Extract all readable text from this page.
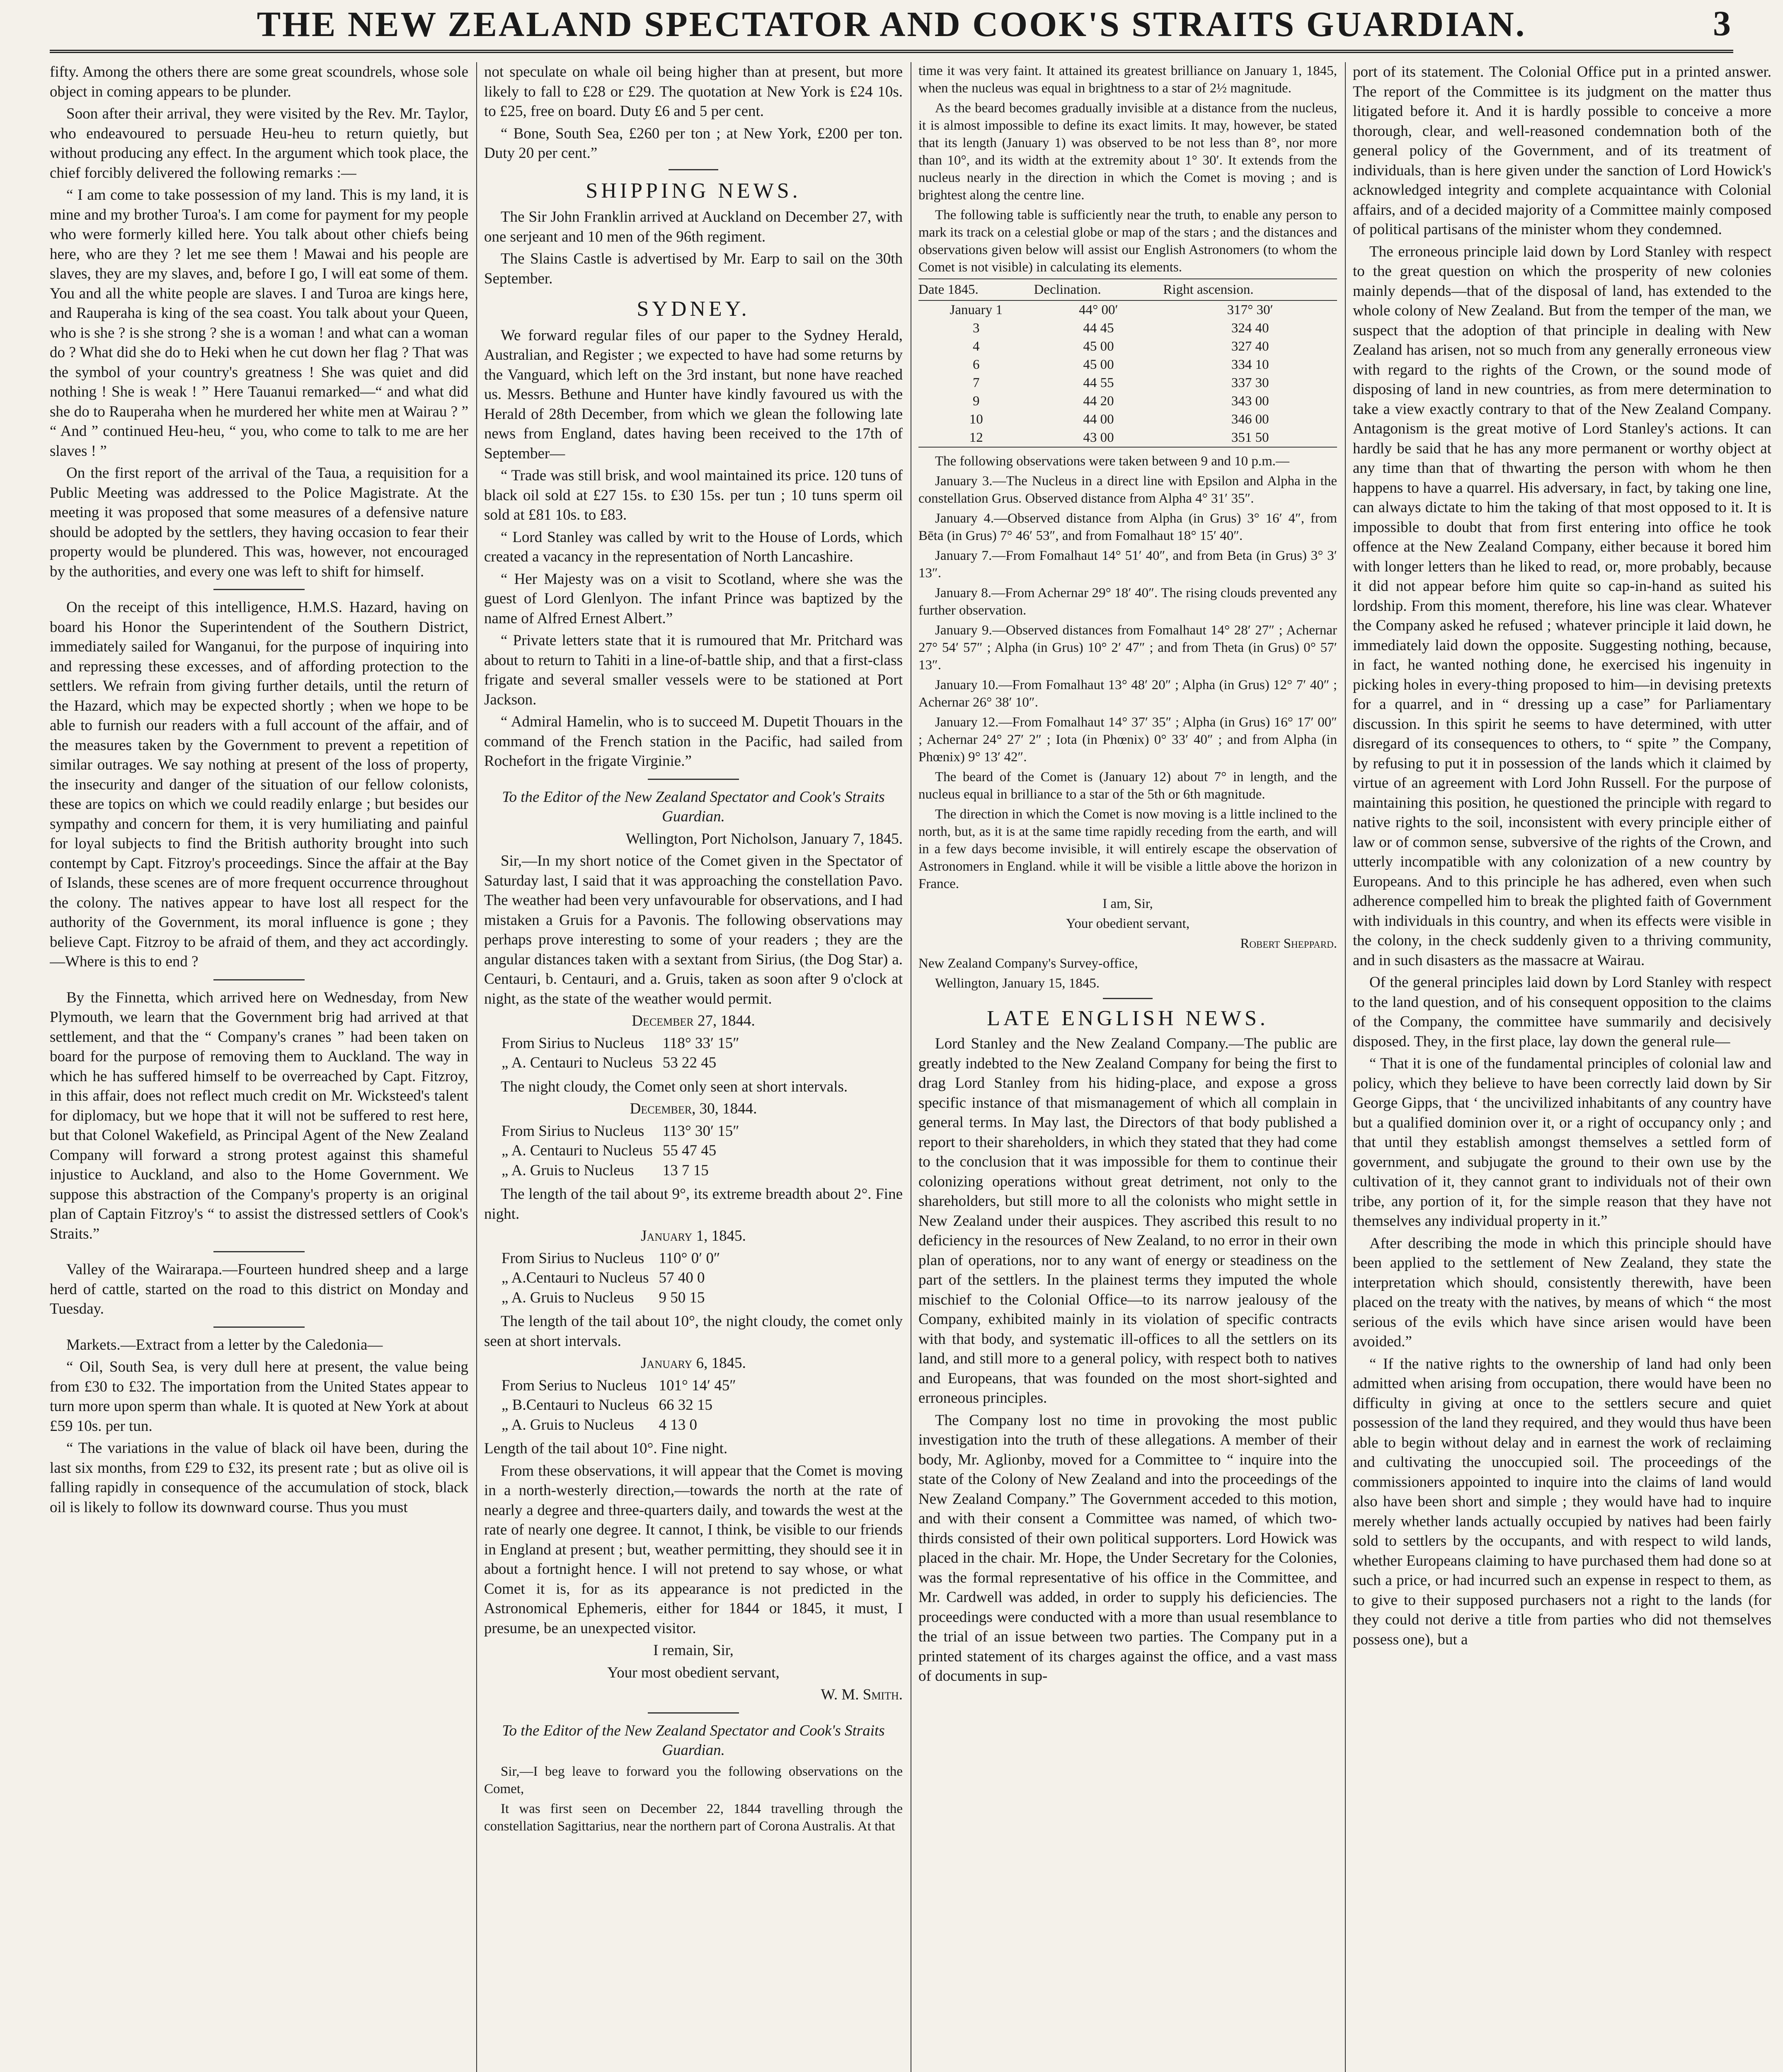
THE NEW ZEALAND SPECTATOR AND COOK'S STRAITS GUARDIAN.	3

fifty. Among the others there are some great scoundrels, whose sole object in coming appears to be plunder.

Soon after their arrival, they were visited by the Rev. Mr. Taylor, who endeavoured to persuade Heu-heu to return quietly, but without producing any effect. In the argument which took place, the chief forcibly delivered the following remarks :—

“ I am come to take possession of my land. This is my land, it is mine and my brother Turoa's. I am come for payment for my people who were formerly killed here. You talk about other chiefs being here, who are they ? let me see them ! Mawai and his people are slaves, they are my slaves, and, before I go, I will eat some of them. You and all the white people are slaves. I and Turoa are kings here, and Rauperaha is king of the sea coast. You talk about your Queen, who is she ? is she strong ? she is a woman ! and what can a woman do ? What did she do to Heki when he cut down her flag ? That was the symbol of your country's greatness ! She was quiet and did nothing ! She is weak ! ” Here Tauanui remarked—“ and what did she do to Rauperaha when he murdered her white men at Wairau ? ” “ And ” continued Heu-heu, “ you, who come to talk to me are her slaves ! ”

On the first report of the arrival of the Taua, a requisition for a Public Meeting was addressed to the Police Magistrate. At the meeting it was proposed that some measures of a defensive nature should be adopted by the settlers, they having occasion to fear their property would be plundered. This was, however, not encouraged by the authorities, and every one was left to shift for himself.

On the receipt of this intelligence, H.M.S. Hazard, having on board his Honor the Superintendent of the Southern District, immediately sailed for Wanganui, for the purpose of inquiring into and repressing these excesses, and of affording protection to the settlers. We refrain from giving further details, until the return of the Hazard, which may be expected shortly ; when we hope to be able to furnish our readers with a full account of the affair, and of the measures taken by the Government to prevent a repetition of similar outrages. We say nothing at present of the loss of property, the insecurity and danger of the situation of our fellow colonists, these are topics on which we could readily enlarge ; but besides our sympathy and concern for them, it is very humiliating and painful for loyal subjects to find the British authority brought into such contempt by Capt. Fitzroy's proceedings. Since the affair at the Bay of Islands, these scenes are of more frequent occurrence throughout the colony. The natives appear to have lost all respect for the authority of the Government, its moral influence is gone ; they believe Capt. Fitzroy to be afraid of them, and they act accordingly.—Where is this to end ?

By the Finnetta, which arrived here on Wednesday, from New Plymouth, we learn that the Government brig had arrived at that settlement, and that the “ Company's cranes ” had been taken on board for the purpose of removing them to Auckland. The way in which he has suffered himself to be overreached by Capt. Fitzroy, in this affair, does not reflect much credit on Mr. Wicksteed's talent for diplomacy, but we hope that it will not be suffered to rest here, but that Colonel Wakefield, as Principal Agent of the New Zealand Company will forward a strong protest against this shameful injustice to Auckland, and also to the Home Government. We suppose this abstraction of the Company's property is an original plan of Captain Fitzroy's “ to assist the distressed settlers of Cook's Straits.”

Valley of the Wairarapa.—Fourteen hundred sheep and a large herd of cattle, started on the road to this district on Monday and Tuesday.

Markets.—Extract from a letter by the Caledonia—

“ Oil, South Sea, is very dull here at present, the value being from £30 to £32. The importation from the United States appear to turn more upon sperm than whale. It is quoted at New York at about £59 10s. per tun.

“ The variations in the value of black oil have been, during the last six months, from £29 to £32, its present rate ; but as olive oil is falling rapidly in consequence of the accumulation of stock, black oil is likely to follow its downward course. Thus you must

not speculate on whale oil being higher than at present, but more likely to fall to £28 or £29. The quotation at New York is £24 10s. to £25, free on board. Duty £6 and 5 per cent.

“ Bone, South Sea, £260 per ton ; at New York, £200 per ton. Duty 20 per cent.”

SHIPPING NEWS.

The Sir John Franklin arrived at Auckland on December 27, with one serjeant and 10 men of the 96th regiment.

The Slains Castle is advertised by Mr. Earp to sail on the 30th September.

SYDNEY.

We forward regular files of our paper to the Sydney Herald, Australian, and Register ; we expected to have had some returns by the Vanguard, which left on the 3rd instant, but none have reached us. Messrs. Bethune and Hunter have kindly favoured us with the Herald of 28th December, from which we glean the following late news from England, dates having been received to the 17th of September—

“ Trade was still brisk, and wool maintained its price. 120 tuns of black oil sold at £27 15s. to £30 15s. per tun ; 10 tuns sperm oil sold at £81 10s. to £83.

“ Lord Stanley was called by writ to the House of Lords, which created a vacancy in the representation of North Lancashire.

“ Her Majesty was on a visit to Scotland, where she was the guest of Lord Glenlyon. The infant Prince was baptized by the name of Alfred Ernest Albert.”

“ Private letters state that it is rumoured that Mr. Pritchard was about to return to Tahiti in a line-of-battle ship, and that a first-class frigate and several smaller vessels were to be stationed at Port Jackson.

“ Admiral Hamelin, who is to succeed M. Dupetit Thouars in the command of the French station in the Pacific, had sailed from Rochefort in the frigate Virginie.”

To the Editor of the New Zealand Spectator and Cook's Straits Guardian.

Wellington, Port Nicholson, January 7, 1845.

Sir,—In my short notice of the Comet given in the Spectator of Saturday last, I said that it was approaching the constellation Pavo. The weather had been very unfavourable for observations, and I had mistaken a Gruis for a Pavonis. The following observations may perhaps prove interesting to some of your readers ; they are the angular distances taken with a sextant from Sirius, (the Dog Star) a. Centauri, b. Centauri, and a. Gruis, taken as soon after 9 o'clock at night, as the state of the weather would permit.

December 27, 1844.

From Sirius to Nucleus	118° 33′ 15″
„ A. Centauri to Nucleus	53 22 45

The night cloudy, the Comet only seen at short intervals.

December, 30, 1844.

From Sirius to Nucleus	113° 30′ 15″
„ A. Centauri to Nucleus	55 47 45
„ A. Gruis to Nucleus	13 7 15

The length of the tail about 9°, its extreme breadth about 2°. Fine night.

January 1, 1845.

From Sirius to Nucleus	110° 0′ 0″
„ A.Centauri to Nucleus	57 40 0
„ A. Gruis to Nucleus	9 50 15

The length of the tail about 10°, the night cloudy, the comet only seen at short intervals.

January 6, 1845.

From Serius to Nucleus	101° 14′ 45″
„ B.Centauri to Nucleus	66 32 15
„ A. Gruis to Nucleus	4 13 0

Length of the tail about 10°. Fine night.

From these observations, it will appear that the Comet is moving in a north-westerly direction,—towards the north at the rate of nearly a degree and three-quarters daily, and towards the west at the rate of nearly one degree. It cannot, I think, be visible to our friends in England at present ; but, weather permitting, they should see it in about a fortnight hence. I will not pretend to say whose, or what Comet it is, for as its appearance is not predicted in the Astronomical Ephemeris, either for 1844 or 1845, it must, I presume, be an unexpected visitor.

I remain, Sir,

Your most obedient servant,

W. M. Smith.

To the Editor of the New Zealand Spectator and Cook's Straits Guardian.

Sir,—I beg leave to forward you the following observations on the Comet,

It was first seen on December 22, 1844 travelling through the constellation Sagittarius, near the northern part of Corona Australis. At that

time it was very faint. It attained its greatest brilliance on January 1, 1845, when the nucleus was equal in brightness to a star of 2½ magnitude.

As the beard becomes gradually invisible at a distance from the nucleus, it is almost impossible to define its exact limits. It may, however, be stated that its length (January 1) was observed to be not less than 8°, nor more than 10°, and its width at the extremity about 1° 30′. It extends from the nucleus nearly in the direction in which the Comet is moving ; and is brightest along the centre line.

The following table is sufficiently near the truth, to enable any person to mark its track on a celestial globe or map of the stars ; and the distances and observations given below will assist our English Astronomers (to whom the Comet is not visible) in calculating its elements.

Date 1845.	Declination.	Right ascension.
January 1	44° 00′	317° 30′
3	44 45	324 40
4	45 00	327 40
6	45 00	334 10
7	44 55	337 30
9	44 20	343 00
10	44 00	346 00
12	43 00	351 50

The following observations were taken between 9 and 10 p.m.—

January 3.—The Nucleus in a direct line with Epsilon and Alpha in the constellation Grus. Observed distance from Alpha 4° 31′ 35″.

January 4.—Observed distance from Alpha (in Grus) 3° 16′ 4″, from Bēta (in Grus) 7° 46′ 53″, and from Fomalhaut 18° 15′ 40″.

January 7.—From Fomalhaut 14° 51′ 40″, and from Beta (in Grus) 3° 3′ 13″.

January 8.—From Achernar 29° 18′ 40″. The rising clouds prevented any further observation.

January 9.—Observed distances from Fomalhaut 14° 28′ 27″ ; Achernar 27° 54′ 57″ ; Alpha (in Grus) 10° 2′ 47″ ; and from Theta (in Grus) 0° 57′ 13″.

January 10.—From Fomalhaut 13° 48′ 20″ ; Alpha (in Grus) 12° 7′ 40″ ; Achernar 26° 38′ 10″.

January 12.—From Fomalhaut 14° 37′ 35″ ; Alpha (in Grus) 16° 17′ 00″ ; Achernar 24° 27′ 2″ ; Iota (in Phœnix) 0° 33′ 40″ ; and from Alpha (in Phœnix) 9° 13′ 42″.

The beard of the Comet is (January 12) about 7° in length, and the nucleus equal in brilliance to a star of the 5th or 6th magnitude.

The direction in which the Comet is now moving is a little inclined to the north, but, as it is at the same time rapidly receding from the earth, and will in a few days become invisible, it will entirely escape the observation of Astronomers in England. while it will be visible a little above the horizon in France.

I am, Sir,

Your obedient servant,

Robert Sheppard.

New Zealand Company's Survey-office,

Wellington, January 15, 1845.

LATE ENGLISH NEWS.

Lord Stanley and the New Zealand Company.—The public are greatly indebted to the New Zealand Company for being the first to drag Lord Stanley from his hiding-place, and expose a gross specific instance of that mismanagement of which all complain in general terms. In May last, the Directors of that body published a report to their shareholders, in which they stated that they had come to the conclusion that it was impossible for them to continue their colonizing operations without great detriment, not only to the shareholders, but still more to all the colonists who might settle in New Zealand under their auspices. They ascribed this result to no deficiency in the resources of New Zealand, to no error in their own plan of operations, nor to any want of energy or steadiness on the part of the settlers. In the plainest terms they imputed the whole mischief to the Colonial Office—to its narrow jealousy of the Company, exhibited mainly in its violation of specific contracts with that body, and systematic ill-offices to all the settlers on its land, and still more to a general policy, with respect both to natives and Europeans, that was founded on the most short-sighted and erroneous principles.

The Company lost no time in provoking the most public investigation into the truth of these allegations. A member of their body, Mr. Aglionby, moved for a Committee to “ inquire into the state of the Colony of New Zealand and into the proceedings of the New Zealand Company.” The Government acceded to this motion, and with their consent a Committee was named, of which two-thirds consisted of their own political supporters. Lord Howick was placed in the chair. Mr. Hope, the Under Secretary for the Colonies, was the formal representative of his office in the Committee, and Mr. Cardwell was added, in order to supply his deficiencies. The proceedings were conducted with a more than usual resemblance to the trial of an issue between two parties. The Company put in a printed statement of its charges against the office, and a vast mass of documents in sup-

port of its statement. The Colonial Office put in a printed answer. The report of the Committee is its judgment on the matter thus litigated before it. And it is hardly possible to conceive a more thorough, clear, and well-reasoned condemnation both of the general policy of the Government, and of its treatment of individuals, than is here given under the sanction of Lord Howick's acknowledged integrity and complete acquaintance with Colonial affairs, and of a decided majority of a Committee mainly composed of political partisans of the minister whom they condemned.

The erroneous principle laid down by Lord Stanley with respect to the great question on which the prosperity of new colonies mainly depends—that of the disposal of land, has extended to the whole colony of New Zealand. But from the temper of the man, we suspect that the adoption of that principle in dealing with New Zealand has arisen, not so much from any generally erroneous view with regard to the rights of the Crown, or the sound mode of disposing of land in new countries, as from mere determination to take a view exactly contrary to that of the New Zealand Company. Antagonism is the great motive of Lord Stanley's actions. It can hardly be said that he has any more permanent or worthy object at any time than that of thwarting the person with whom he then happens to have a quarrel. His adversary, in fact, by taking one line, can always dictate to him the taking of that most opposed to it. It is impossible to doubt that from first entering into office he took offence at the New Zealand Company, either because it bored him with longer letters than he liked to read, or, more probably, because it did not appear before him quite so cap-in-hand as suited his lordship. From this moment, therefore, his line was clear. Whatever the Company asked he refused ; whatever principle it laid down, he immediately laid down the opposite. Suggesting nothing, because, in fact, he wanted nothing done, he exercised his ingenuity in picking holes in every-thing proposed to him—in devising pretexts for a quarrel, and in “ dressing up a case” for Parliamentary discussion. In this spirit he seems to have determined, with utter disregard of its consequences to others, to “ spite ” the Company, by refusing to put it in possession of the lands which it claimed by virtue of an agreement with Lord John Russell. For the purpose of maintaining this position, he questioned the principle with regard to native rights to the soil, inconsistent with every principle either of law or of common sense, subversive of the rights of the Crown, and utterly incompatible with any colonization of a new country by Europeans. And to this principle he has adhered, even when such adherence compelled him to break the plighted faith of Government with individuals in this country, and when its effects were visible in the colony, in the check suddenly given to a thriving community, and in such disasters as the massacre at Wairau.

Of the general principles laid down by Lord Stanley with respect to the land question, and of his consequent opposition to the claims of the Company, the committee have summarily and decisively disposed. They, in the first place, lay down the general rule—

“ That it is one of the fundamental principles of colonial law and policy, which they believe to have been correctly laid down by Sir George Gipps, that ‘ the uncivilized inhabitants of any country have but a qualified dominion over it, or a right of occupancy only ; and that until they establish amongst themselves a settled form of government, and subjugate the ground to their own use by the cultivation of it, they cannot grant to individuals not of their own tribe, any portion of it, for the simple reason that they have not themselves any individual property in it.”

After describing the mode in which this principle should have been applied to the settlement of New Zealand, they state the interpretation which should, consistently therewith, have been placed on the treaty with the natives, by means of which “ the most serious of the evils which have since arisen would have been avoided.”

“ If the native rights to the ownership of land had only been admitted when arising from occupation, there would have been no difficulty in giving at once to the settlers secure and quiet possession of the land they required, and they would thus have been able to begin without delay and in earnest the work of reclaiming and cultivating the unoccupied soil. The proceedings of the commissioners appointed to inquire into the claims of land would also have been short and simple ; they would have had to inquire merely whether lands actually occupied by natives had been fairly sold to settlers by the occupants, and with respect to wild lands, whether Europeans claiming to have purchased them had done so at such a price, or had incurred such an expense in respect to them, as to give to their supposed purchasers not a right to the lands (for they could not derive a title from parties who did not themselves possess one), but a
